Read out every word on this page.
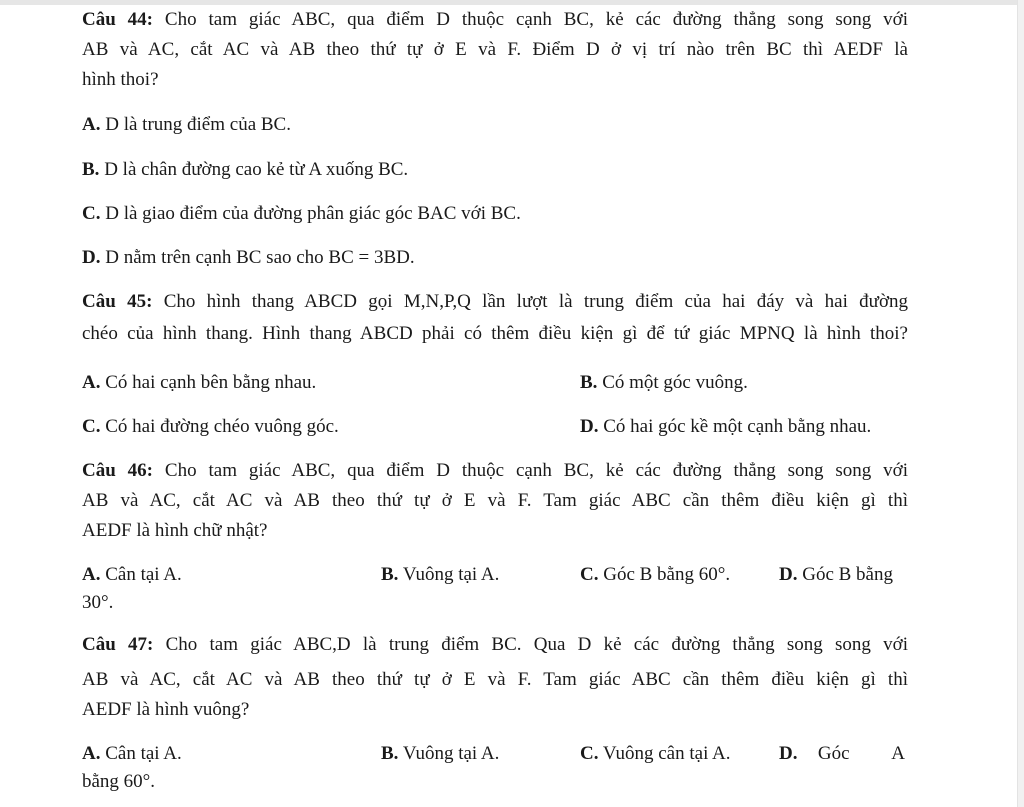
Câu 44: Cho tam giác ABC, qua điểm D thuộc cạnh BC, kẻ các đường thẳng song song với
AB và AC, cắt AC và AB theo thứ tự ở E và F. Điểm D ở vị trí nào trên BC thì AEDF là
hình thoi?
A. D là trung điểm của BC.
B. D là chân đường cao kẻ từ A xuống BC.
C. D là giao điểm của đường phân giác góc BAC với BC.
D. D nằm trên cạnh BC sao cho BC = 3BD.
Câu 45: Cho hình thang ABCD gọi M,N,P,Q lần lượt là trung điểm của hai đáy và hai đường
chéo của hình thang. Hình thang ABCD phải có thêm điều kiện gì để tứ giác MPNQ là hình thoi?
A. Có hai cạnh bên bằng nhau.	B. Có một góc vuông.
C. Có hai đường chéo vuông góc.	D. Có hai góc kề một cạnh bằng nhau.
Câu 46: Cho tam giác ABC, qua điểm D thuộc cạnh BC, kẻ các đường thẳng song song với
AB và AC, cắt AC và AB theo thứ tự ở E và F. Tam giác ABC cần thêm điều kiện gì thì
AEDF là hình chữ nhật?
A. Cân tại A.	B. Vuông tại A.	C. Góc B bằng 60°.	D. Góc B bằng
30°.
Câu 47: Cho tam giác ABC,D là trung điểm BC. Qua D kẻ các đường thẳng song song với
AB và AC, cắt AC và AB theo thứ tự ở E và F. Tam giác ABC cần thêm điều kiện gì thì
AEDF là hình vuông?
A. Cân tại A.	B. Vuông tại A.	C. Vuông cân tại A.	D. Góc A
bằng 60°.
